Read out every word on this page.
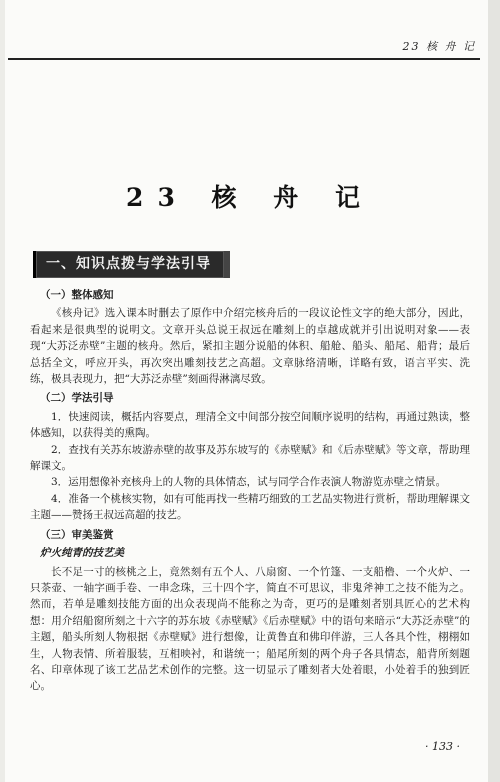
23 核 舟 记
23 核 舟 记
一、知识点拨与学法引导
（一）整体感知

《核舟记》选入课本时删去了原作中介绍完核舟后的一段议论性文字的绝大部分，因此，看起来是很典型的说明文。文章开头总说王叔远在雕刻上的卓越成就并引出说明对象——表现“大苏泛赤壁”主题的核舟。然后，紧扣主题分说船的体积、船舱、船头、船尾、船背；最后总括全文，呼应开头，再次突出雕刻技艺之高超。文章脉络清晰，详略有致，语言平实、洗练，极具表现力，把“大苏泛赤壁”刻画得淋漓尽致。

（二）学法引导

1．快速阅读，概括内容要点，理清全文中间部分按空间顺序说明的结构，再通过熟读，整体感知，以获得美的熏陶。

2．查找有关苏东坡游赤壁的故事及苏东坡写的《赤壁赋》和《后赤壁赋》等文章，帮助理解课文。

3．运用想像补充核舟上的人物的具体情态，试与同学合作表演人物游览赤壁之情景。

4．准备一个桃核实物，如有可能再找一些精巧细致的工艺品实物进行赏析，帮助理解课文主题——赞扬王叔远高超的技艺。

（三）审美鉴赏
炉火纯青的技艺美

长不足一寸的核桃之上，竟然刻有五个人、八扇窗、一个竹篷、一支船橹、一个火炉、一只茶壶、一轴字画手卷、一串念珠，三十四个字，简直不可思议，非鬼斧神工之技不能为之。然而，若单是雕刻技能方面的出众表现尚不能称之为奇，更巧的是雕刻者别具匠心的艺术构想：用介绍船窗所刻之十六字的苏东坡《赤壁赋》《后赤壁赋》中的语句来暗示“大苏泛赤壁”的主题，船头所刻人物根据《赤壁赋》进行想像，让黄鲁直和佛印伴游，三人各具个性，栩栩如生，人物表情、所着服装，互相映衬，和谐统一；船尾所刻的两个舟子各具情态，船背所刻题名、印章体现了该工艺品艺术创作的完整。这一切显示了雕刻者大处着眼，小处着手的独到匠心。

· 133 ·
